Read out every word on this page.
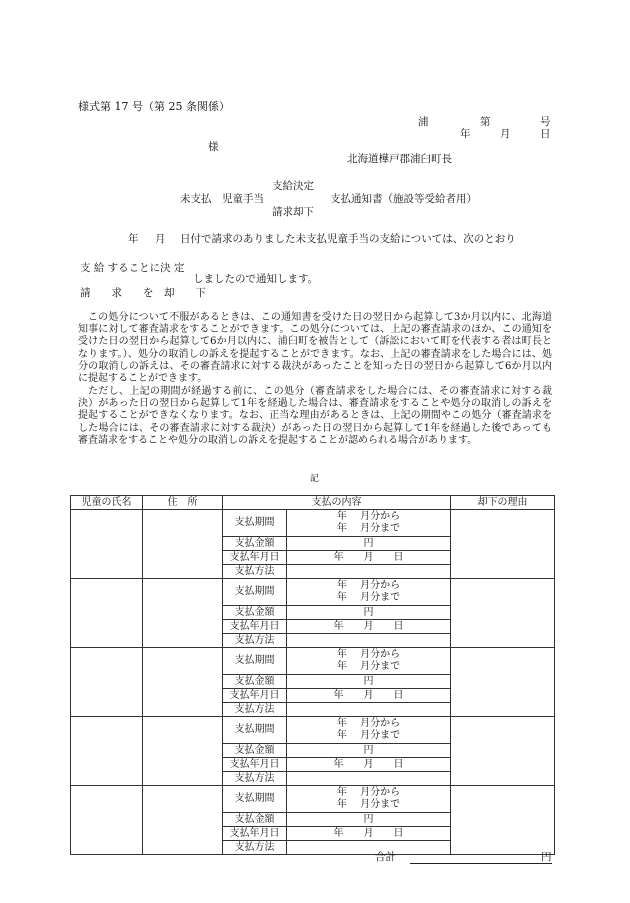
様式第 17 号（第 25 条関係）
浦	第	号
年	月	日
様
北海道樺戸郡浦臼町長
支給決定
未支払　児童手当	支払通知書（施設等受給者用）
請求却下
年 月 日付で請求のありました未支払児童手当の支給については、次のとおり
支 給 することに決 定
しましたので通知します。
請　　求　　を　却　　下
この処分について不服があるときは、この通知書を受けた日の翌日から起算して3か月以内に、北海道知事に対して審査請求をすることができます。この処分については、上記の審査請求のほか、この通知を受けた日の翌日から起算して6か月以内に、浦臼町を被告として（訴訟において町を代表する者は町長となります。）、処分の取消しの訴えを提起することができます。なお、上記の審査請求をした場合には、処分の取消しの訴えは、その審査請求に対する裁決があったことを知った日の翌日から起算して6か月以内に提起することができます。
ただし、上記の期間が経過する前に、この処分（審査請求をした場合には、その審査請求に対する裁決）があった日の翌日から起算して1年を経過した場合は、審査請求をすることや処分の取消しの訴えを提起することができなくなります。なお、正当な理由があるときは、上記の期間やこの処分（審査請求をした場合には、その審査請求に対する裁決）があった日の翌日から起算して1年を経過した後であっても審査請求をすることや処分の取消しの訴えを提起することが認められる場合があります。
記
児童の氏名	住　所	支払の内容		却下の理由
		支払期間	年　 月分から
年　 月分まで	

		支払金額	円	
		支払年月日	年　　月　　日	
		支払方法		
		支払期間	年　 月分から
年　 月分まで	

		支払金額	円	
		支払年月日	年　　月　　日	
		支払方法		
		支払期間	年　 月分から
年　 月分まで	

		支払金額	円	
		支払年月日	年　　月　　日	
		支払方法		
		支払期間	年　 月分から
年　 月分まで	

		支払金額	円	
		支払年月日	年　　月　　日	
		支払方法		
		支払期間	年　 月分から
年　 月分まで	

		支払金額	円	
		支払年月日	年　　月　　日	
		支払方法		
合計	円
